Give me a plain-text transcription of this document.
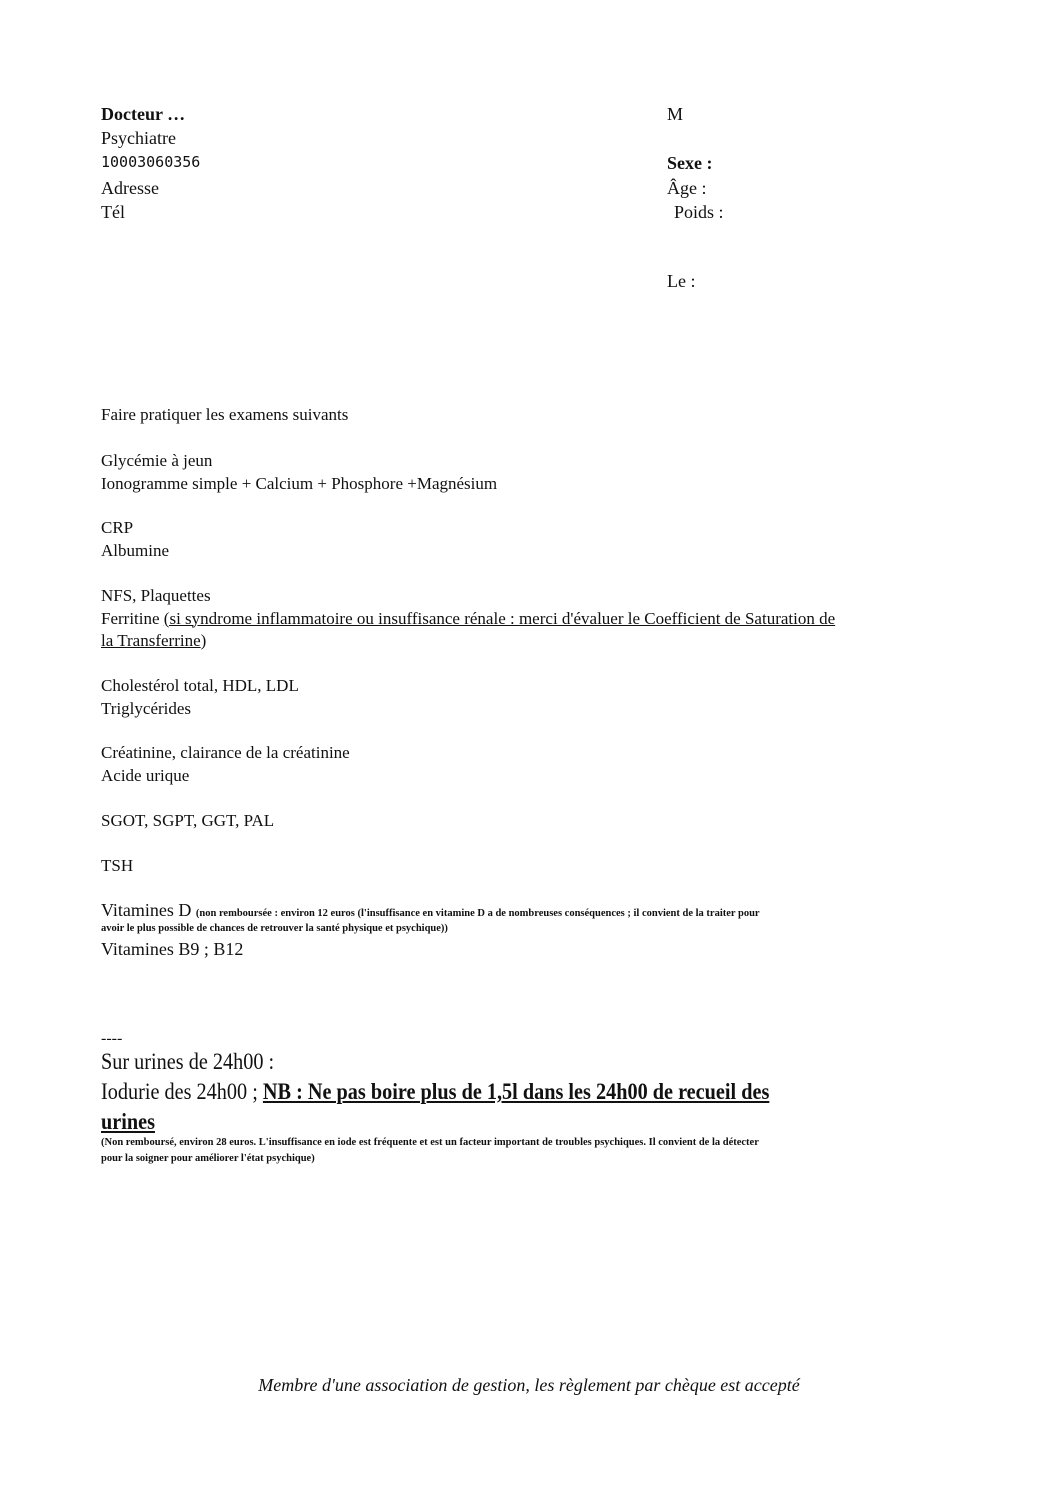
Docteur …
Psychiatre
10003060356
Adresse
Tél
M
Sexe :
Âge :
Poids :
Le :
Faire pratiquer les examens suivants
Glycémie à jeun
Ionogramme simple + Calcium + Phosphore +Magnésium
CRP
Albumine
NFS, Plaquettes
Ferritine (si syndrome inflammatoire ou insuffisance rénale : merci d'évaluer le Coefficient de Saturation de
la Transferrine)
Cholestérol total, HDL, LDL
Triglycérides
Créatinine, clairance de la créatinine
Acide urique
SGOT, SGPT, GGT, PAL
TSH
Vitamines D (non remboursée : environ 12 euros (l'insuffisance en vitamine D a de nombreuses conséquences ; il convient de la traiter pour
avoir le plus possible de chances de retrouver la santé physique et psychique))
Vitamines B9 ; B12
----
Sur urines de 24h00 :
Iodurie des 24h00 ; NB : Ne pas boire plus de 1,5l dans les 24h00 de recueil des
urines
(Non remboursé, environ 28 euros. L'insuffisance en iode est fréquente et est un facteur important de troubles psychiques. Il convient de la détecter
pour la soigner pour améliorer l'état psychique)
Membre d'une association de gestion, les règlement par chèque est accepté
